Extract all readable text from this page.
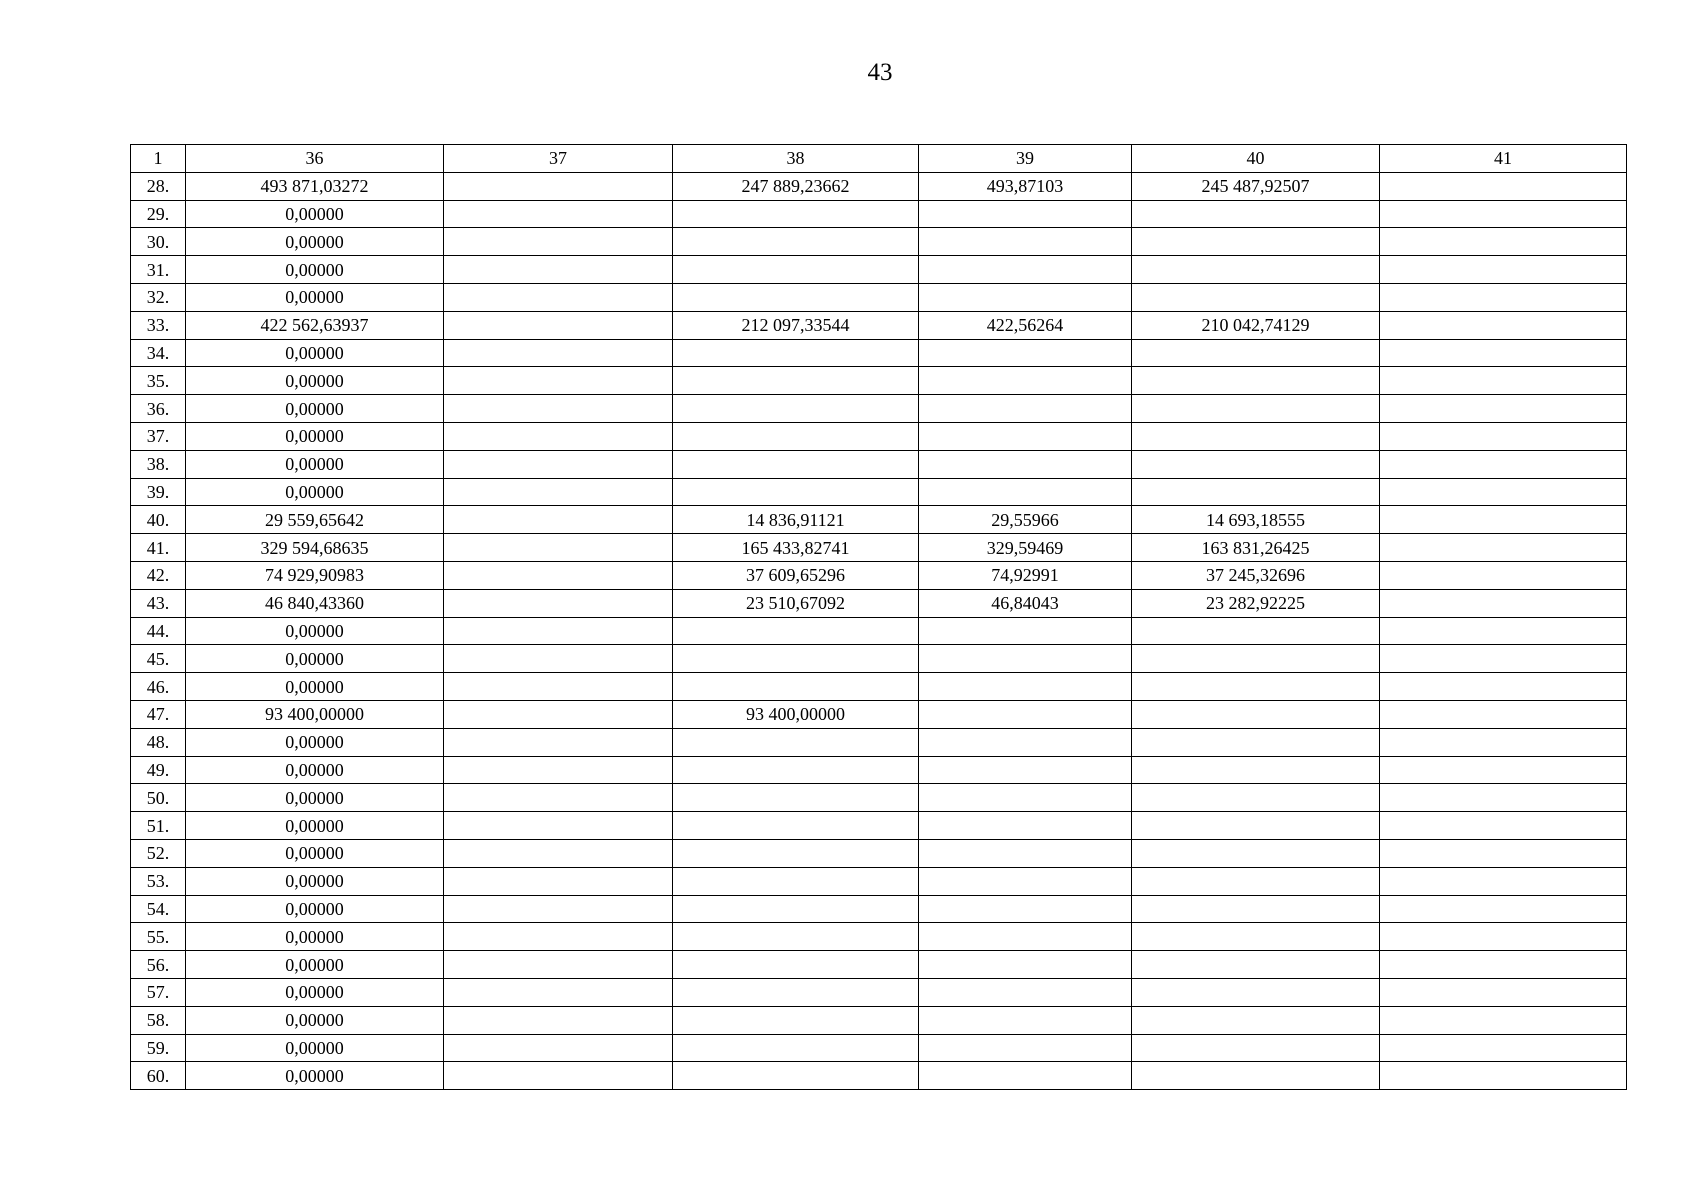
43
1	36	37	38	39	40	41
28.	493 871,03272		247 889,23662	493,87103	245 487,92507	
29.	0,00000					
30.	0,00000					
31.	0,00000					
32.	0,00000					
33.	422 562,63937		212 097,33544	422,56264	210 042,74129	
34.	0,00000					
35.	0,00000					
36.	0,00000					
37.	0,00000					
38.	0,00000					
39.	0,00000					
40.	29 559,65642		14 836,91121	29,55966	14 693,18555	
41.	329 594,68635		165 433,82741	329,59469	163 831,26425	
42.	74 929,90983		37 609,65296	74,92991	37 245,32696	
43.	46 840,43360		23 510,67092	46,84043	23 282,92225	
44.	0,00000					
45.	0,00000					
46.	0,00000					
47.	93 400,00000		93 400,00000			
48.	0,00000					
49.	0,00000					
50.	0,00000					
51.	0,00000					
52.	0,00000					
53.	0,00000					
54.	0,00000					
55.	0,00000					
56.	0,00000					
57.	0,00000					
58.	0,00000					
59.	0,00000					
60.	0,00000					
